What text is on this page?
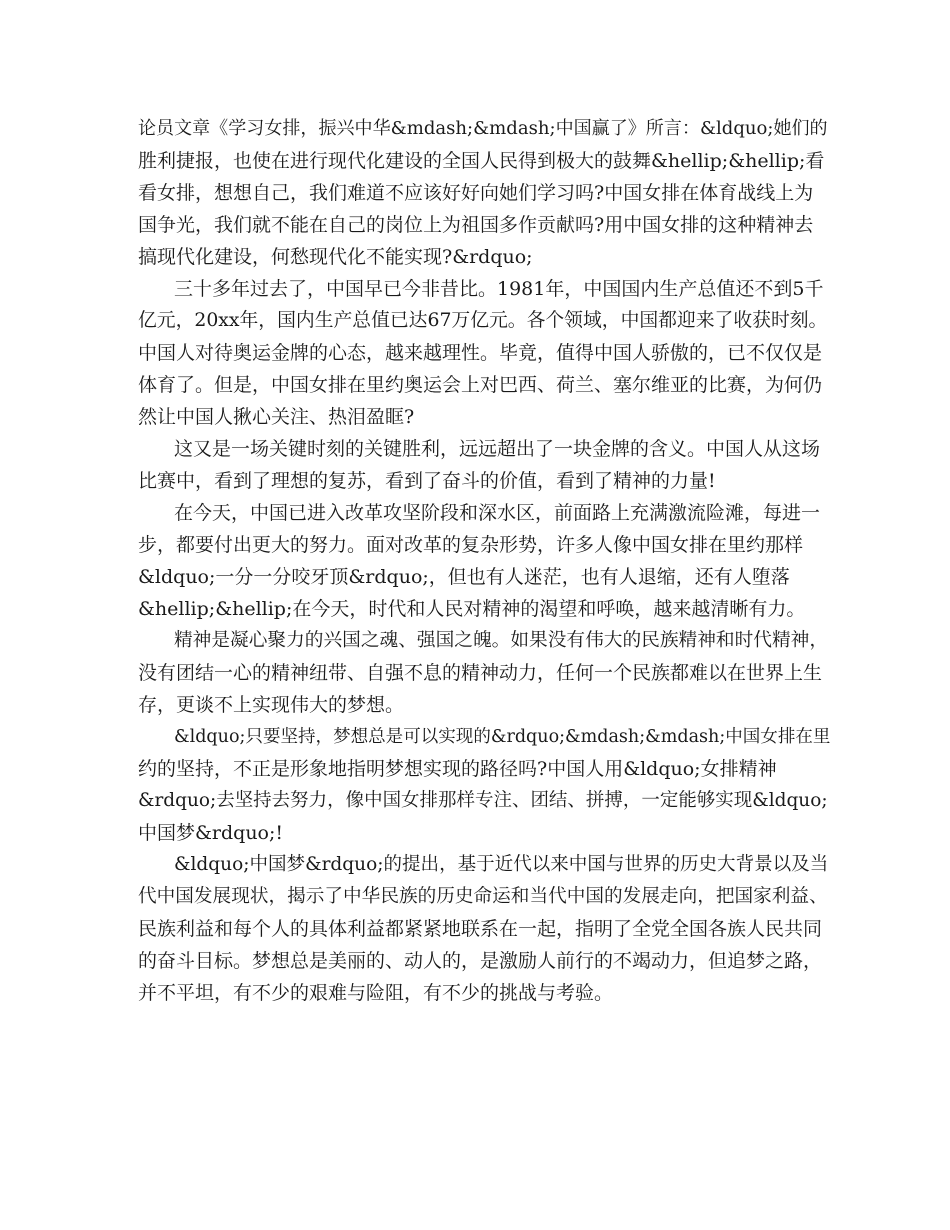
论员文章《学习女排，振兴中华&mdash;&mdash;中国赢了》所言：&ldquo;她们的
胜利捷报，也使在进行现代化建设的全国人民得到极大的鼓舞&hellip;&hellip;看
看女排，想想自己，我们难道不应该好好向她们学习吗?中国女排在体育战线上为
国争光，我们就不能在自己的岗位上为祖国多作贡献吗?用中国女排的这种精神去
搞现代化建设，何愁现代化不能实现?&rdquo;
三十多年过去了，中国早已今非昔比。1981年，中国国内生产总值还不到5千
亿元，20xx年，国内生产总值已达67万亿元。各个领域，中国都迎来了收获时刻。
中国人对待奥运金牌的心态，越来越理性。毕竟，值得中国人骄傲的，已不仅仅是
体育了。但是，中国女排在里约奥运会上对巴西、荷兰、塞尔维亚的比赛，为何仍
然让中国人揪心关注、热泪盈眶?
这又是一场关键时刻的关键胜利，远远超出了一块金牌的含义。中国人从这场
比赛中，看到了理想的复苏，看到了奋斗的价值，看到了精神的力量!
在今天，中国已进入改革攻坚阶段和深水区，前面路上充满激流险滩，每进一
步，都要付出更大的努力。面对改革的复杂形势，许多人像中国女排在里约那样
&ldquo;一分一分咬牙顶&rdquo;，但也有人迷茫，也有人退缩，还有人堕落
&hellip;&hellip;在今天，时代和人民对精神的渴望和呼唤，越来越清晰有力。
精神是凝心聚力的兴国之魂、强国之魄。如果没有伟大的民族精神和时代精神，
没有团结一心的精神纽带、自强不息的精神动力，任何一个民族都难以在世界上生
存，更谈不上实现伟大的梦想。
&ldquo;只要坚持，梦想总是可以实现的&rdquo;&mdash;&mdash;中国女排在里
约的坚持，不正是形象地指明梦想实现的路径吗?中国人用&ldquo;女排精神
&rdquo;去坚持去努力，像中国女排那样专注、团结、拼搏，一定能够实现&ldquo;
中国梦&rdquo;!
&ldquo;中国梦&rdquo;的提出，基于近代以来中国与世界的历史大背景以及当
代中国发展现状，揭示了中华民族的历史命运和当代中国的发展走向，把国家利益、
民族利益和每个人的具体利益都紧紧地联系在一起，指明了全党全国各族人民共同
的奋斗目标。梦想总是美丽的、动人的，是激励人前行的不竭动力，但追梦之路，
并不平坦，有不少的艰难与险阻，有不少的挑战与考验。
